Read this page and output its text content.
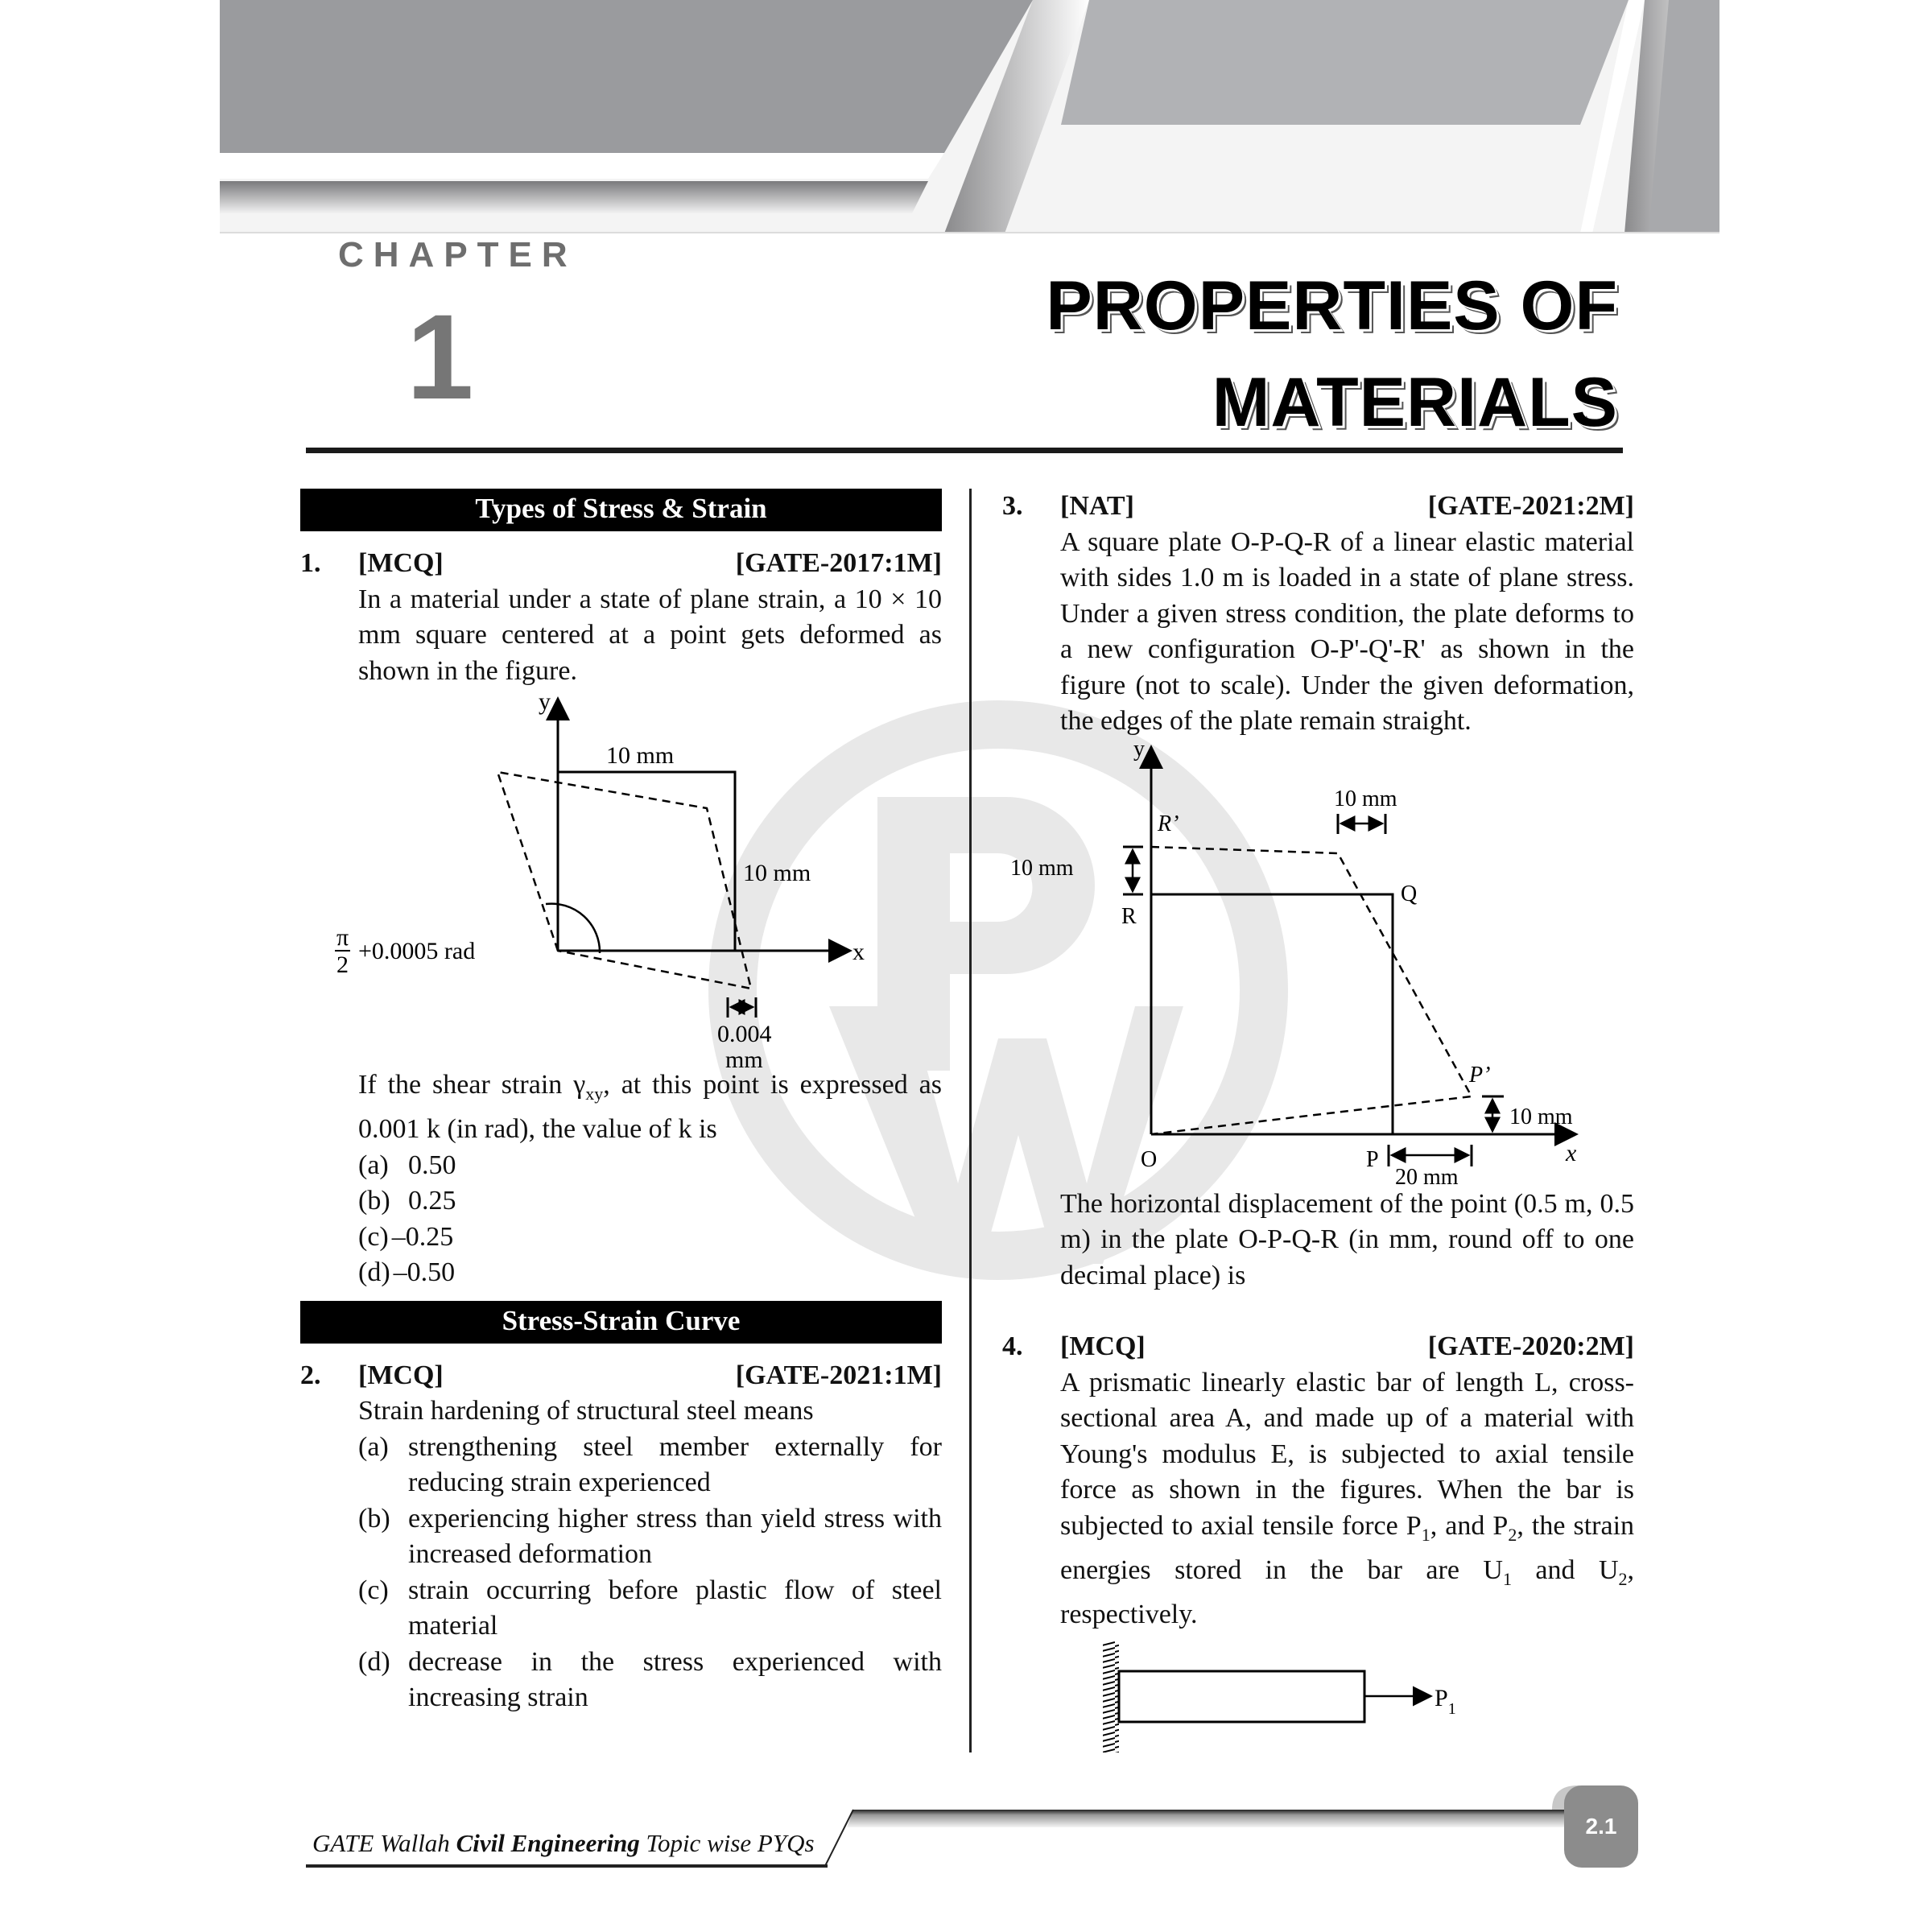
CHAPTER
1	PROPERTIES OF
MATERIALS
Types of Stress & Strain
1.	[MCQ]	[GATE-2017:1M]
In a material under a state of plane strain, a 10 × 10 mm square centered at a point gets deformed as shown in the figure.
y
x
10 mm
10 mm
π
2
+0.0005 rad
0.004
mm
If the shear strain $\gamma_{xy}$, at this point is expressed as 0.001 k (in rad), the value of k is
(a) 0.50
(b) 0.25
(c) –0.25
(d) –0.50
Stress-Strain Curve
2.	[MCQ]	[GATE-2021:1M]
Strain hardening of structural steel means
(a) strengthening steel member externally for reducing strain experienced
(b) experiencing higher stress than yield stress with increased deformation
(c) strain occurring before plastic flow of steel material
(d) decrease in the stress experienced with increasing strain
3.	[NAT]	[GATE-2021:2M]
A square plate O-P-Q-R of a linear elastic material with sides 1.0 m is loaded in a state of plane stress. Under a given stress condition, the plate deforms to a new configuration O-P'-Q'-R' as shown in the figure (not to scale). Under the given deformation, the edges of the plate remain straight.
y
x
R’
P’
R
Q
O	P
10 mm
10 mm
10 mm
20 mm
The horizontal displacement of the point (0.5 m, 0.5 m) in the plate O-P-Q-R (in mm, round off to one decimal place) is
4.	[MCQ]	[GATE-2020:2M]
A prismatic linearly elastic bar of length L, cross-sectional area A, and made up of a material with Young's modulus E, is subjected to axial tensile force as shown in the figures. When the bar is subjected to axial tensile force $P_1$, and $P_2$, the strain energies stored in the bar are $U_1$ and $U_2$, respectively.
$P_1$
GATE Wallah Civil Engineering Topic wise PYQs
2.1
